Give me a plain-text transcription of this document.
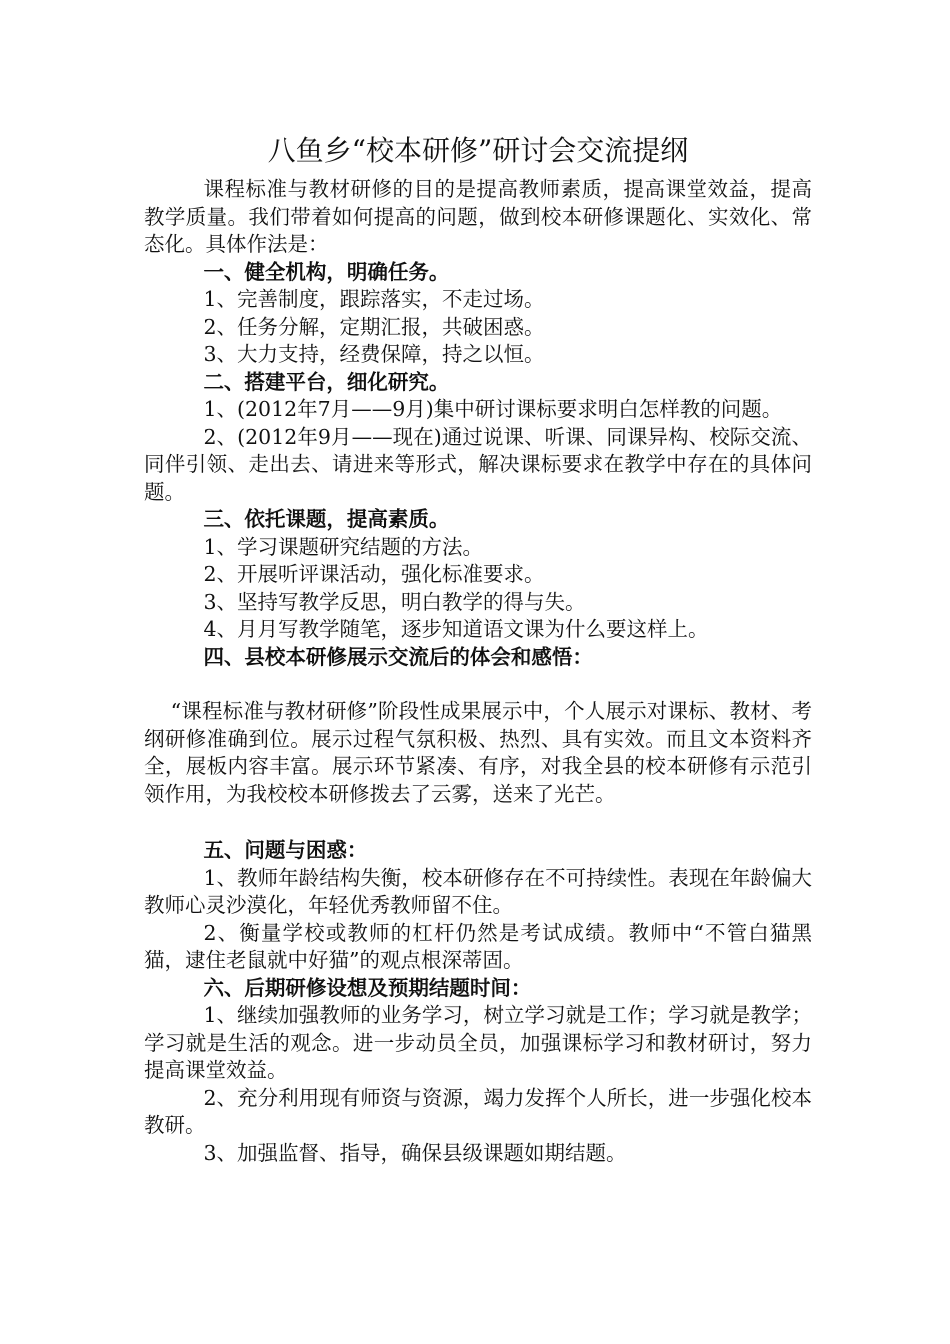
八鱼乡“校本研修”研讨会交流提纲

课程标准与教材研修的目的是提高教师素质，提高课堂效益，提高教学质量。我们带着如何提高的问题，做到校本研修课题化、实效化、常态化。具体作法是：

一、健全机构，明确任务。

1、完善制度，跟踪落实，不走过场。

2、任务分解，定期汇报，共破困惑。

3、大力支持，经费保障，持之以恒。

二、搭建平台，细化研究。

1、(2012年7月——9月)集中研讨课标要求明白怎样教的问题。

2、(2012年9月——现在)通过说课、听课、同课异构、校际交流、同伴引领、走出去、请进来等形式，解决课标要求在教学中存在的具体问题。

三、依托课题，提高素质。

1、学习课题研究结题的方法。

2、开展听评课活动，强化标准要求。

3、坚持写教学反思，明白教学的得与失。

4、月月写教学随笔，逐步知道语文课为什么要这样上。

四、县校本研修展示交流后的体会和感悟：

“课程标准与教材研修”阶段性成果展示中，个人展示对课标、教材、考纲研修准确到位。展示过程气氛积极、热烈、具有实效。而且文本资料齐全，展板内容丰富。展示环节紧凑、有序，对我全县的校本研修有示范引领作用，为我校校本研修拨去了云雾，送来了光芒。

五、问题与困惑：

1、教师年龄结构失衡，校本研修存在不可持续性。表现在年龄偏大教师心灵沙漠化，年轻优秀教师留不住。

2、衡量学校或教师的杠杆仍然是考试成绩。教师中“不管白猫黑猫，逮住老鼠就中好猫”的观点根深蒂固。

六、后期研修设想及预期结题时间：

1、继续加强教师的业务学习，树立学习就是工作；学习就是教学；学习就是生活的观念。进一步动员全员，加强课标学习和教材研讨，努力提高课堂效益。

2、充分利用现有师资与资源，竭力发挥个人所长，进一步强化校本教研。

3、加强监督、指导，确保县级课题如期结题。
